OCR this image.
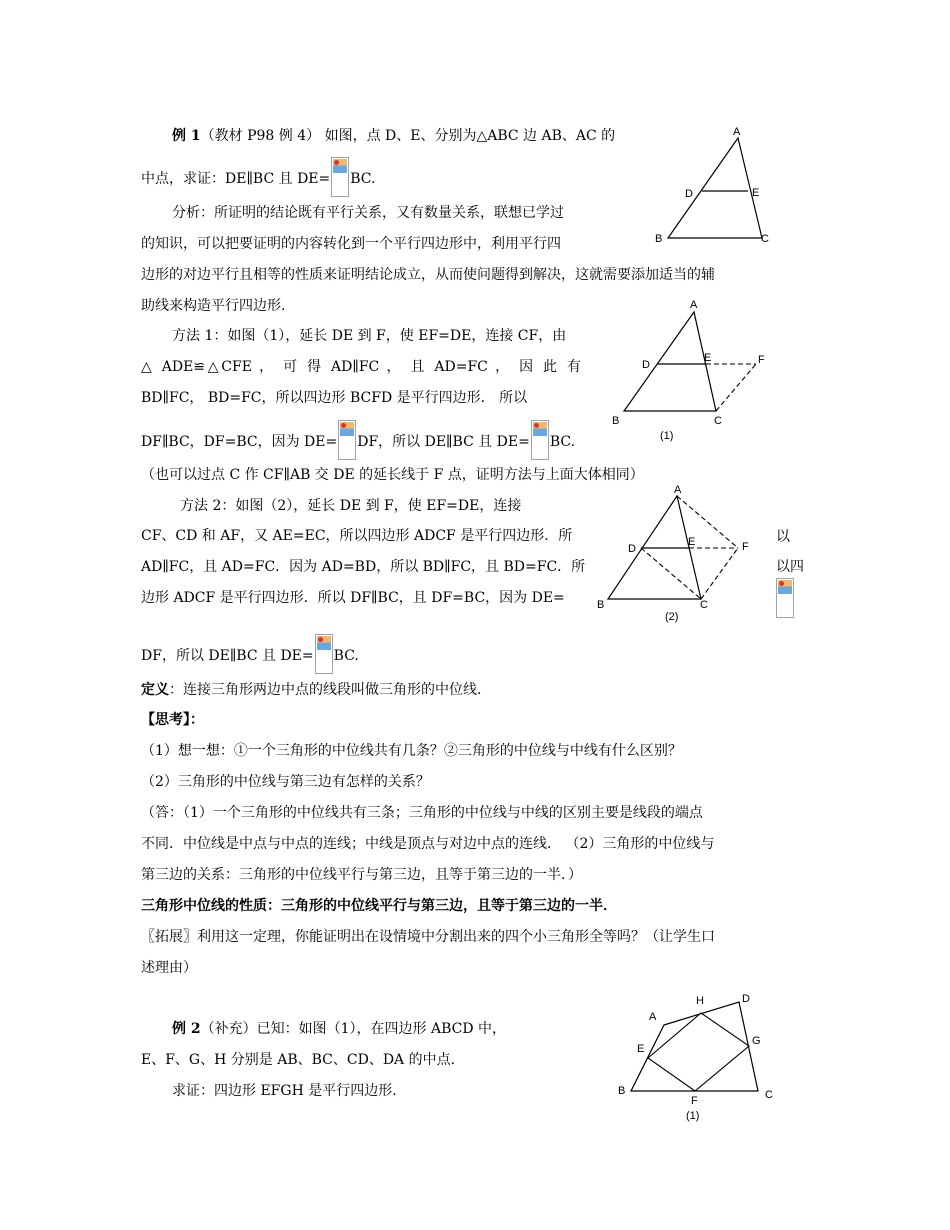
例 1（教材 P98 例 4） 如图，点 D、E、分别为△ABC 边 AB、AC 的
中点，求证：DE∥BC 且 DE= BC.
分析：所证明的结论既有平行关系，又有数量关系，联想已学过
的知识，可以把要证明的内容转化到一个平行四边形中，利用平行四
边形的对边平行且相等的性质来证明结论成立，从而使问题得到解决，这就需要添加适当的辅
助线来构造平行四边形.
方法 1：如图（1），延长 DE 到 F，使 EF=DE，连接 CF，由
△ ADE≌△CFE ， 可 得 AD∥FC ， 且 AD=FC ， 因 此 有
BD∥FC， BD=FC，所以四边形 BCFD 是平行四边形． 所以
DF∥BC，DF=BC，因为 DE= DF，所以 DE∥BC 且 DE= BC.
（也可以过点 C 作 CF∥AB 交 DE 的延长线于 F 点，证明方法与上面大体相同）
方法 2：如图（2），延长 DE 到 F，使 EF=DE，连接
CF、CD 和 AF，又 AE=EC，所以四边形 ADCF 是平行四边形．所
AD∥FC，且 AD=FC．因为 AD=BD，所以 BD∥FC，且 BD=FC．所
边形 ADCF 是平行四边形．所以 DF∥BC，且 DF=BC，因为 DE=
DF，所以 DE∥BC 且 DE= BC.
以
以四
定义：连接三角形两边中点的线段叫做三角形的中位线.
【思考】：
（1）想一想：①一个三角形的中位线共有几条？②三角形的中位线与中线有什么区别？
（2）三角形的中位线与第三边有怎样的关系？
（答：（1）一个三角形的中位线共有三条；三角形的中位线与中线的区别主要是线段的端点
不同．中位线是中点与中点的连线；中线是顶点与对边中点的连线． （2）三角形的中位线与
第三边的关系：三角形的中位线平行与第三边，且等于第三边的一半．）
三角形中位线的性质：三角形的中位线平行与第三边，且等于第三边的一半．
〖拓展〗利用这一定理，你能证明出在设情境中分割出来的四个小三角形全等吗？（让学生口
述理由）
例 2（补充）已知：如图（1），在四边形 ABCD 中，
E、F、G、H 分别是 AB、BC、CD、DA 的中点.
求证：四边形 EFGH 是平行四边形.
A
D	E
B	C
A
D
E	F
B	C
(1)
A
D
E	F
B	C
(2)
A
H	D
E
G
B
F	C
(1)
